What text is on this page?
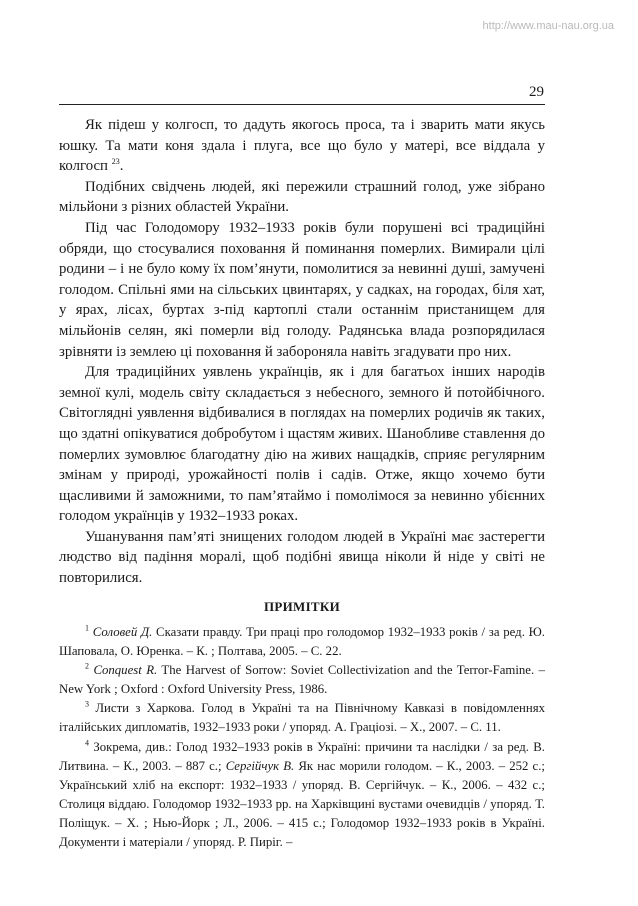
http://www.mau-nau.org.ua
29

Як підеш у колгосп, то дадуть якогось проса, та і зварить мати якусь юшку. Та мати коня здала і плуга, все що було у матері, все віддала у колгосп $^{23}$.

Подібних свідчень людей, які пережили страшний голод, уже зібрано мільйони з різних областей України.

Під час Голодомору 1932–1933 років були порушені всі традиційні обряди, що стосувалися поховання й поминання померлих. Вимирали цілі родини – і не було кому їх пом’янути, помолитися за невинні душі, замучені голодом. Спільні ями на сільських цвинтарях, у садках, на городах, біля хат, у ярах, лісах, буртах з-під картоплі стали останнім пристанищем для мільйонів селян, які померли від голоду. Радянська влада розпорядилася зрівняти із землею ці поховання й забороняла навіть згадувати про них.

Для традиційних уявлень українців, як і для багатьох інших народів земної кулі, модель світу складається з небесного, земного й потойбічного. Світоглядні уявлення відбивалися в поглядах на померлих родичів як таких, що здатні опікуватися добробутом і щастям живих. Шанобливе ставлення до померлих зумовлює благодатну дію на живих нащадків, сприяє регулярним змінам у природі, урожайності полів і садів. Отже, якщо хочемо бути щасливими й заможними, то пам’ятаймо і помолімося за невинно убієнних голодом українців у 1932–1933 роках.

Ушанування пам’яті знищених голодом людей в Україні має застерегти людство від падіння моралі, щоб подібні явища ніколи й ніде у світі не повторилися.

ПРИМІТКИ

$^1$ Соловей Д. Сказати правду. Три праці про голодомор 1932–1933 років / за ред. Ю. Шаповала, О. Юренка. – К. ; Полтава, 2005. – С. 22.

$^2$ Conquest R. The Harvest of Sorrow: Soviet Collectivization and the Terror-Famine. – New York ; Oxford : Oxford University Press, 1986.

$^3$ Листи з Харкова. Голод в Україні та на Північному Кавказі в повідомленнях італійських дипломатів, 1932–1933 роки / упоряд. А. Граціозі. – Х., 2007. – С. 11.

$^4$ Зокрема, див.: Голод 1932–1933 років в Україні: причини та наслідки / за ред. В. Литвина. – К., 2003. – 887 с.; Сергійчук В. Як нас морили голодом. – К., 2003. – 252 с.; Український хліб на експорт: 1932–1933 / упоряд. В. Сергійчук. – К., 2006. – 432 с.; Столиця віддаю. Голодомор 1932–1933 рр. на Харківщині вустами очевидців / упоряд. Т. Поліщук. – Х. ; Нью-Йорк ; Л., 2006. – 415 с.; Голодомор 1932–1933 років в Україні. Документи і матеріали / упоряд. Р. Пиріг. –
